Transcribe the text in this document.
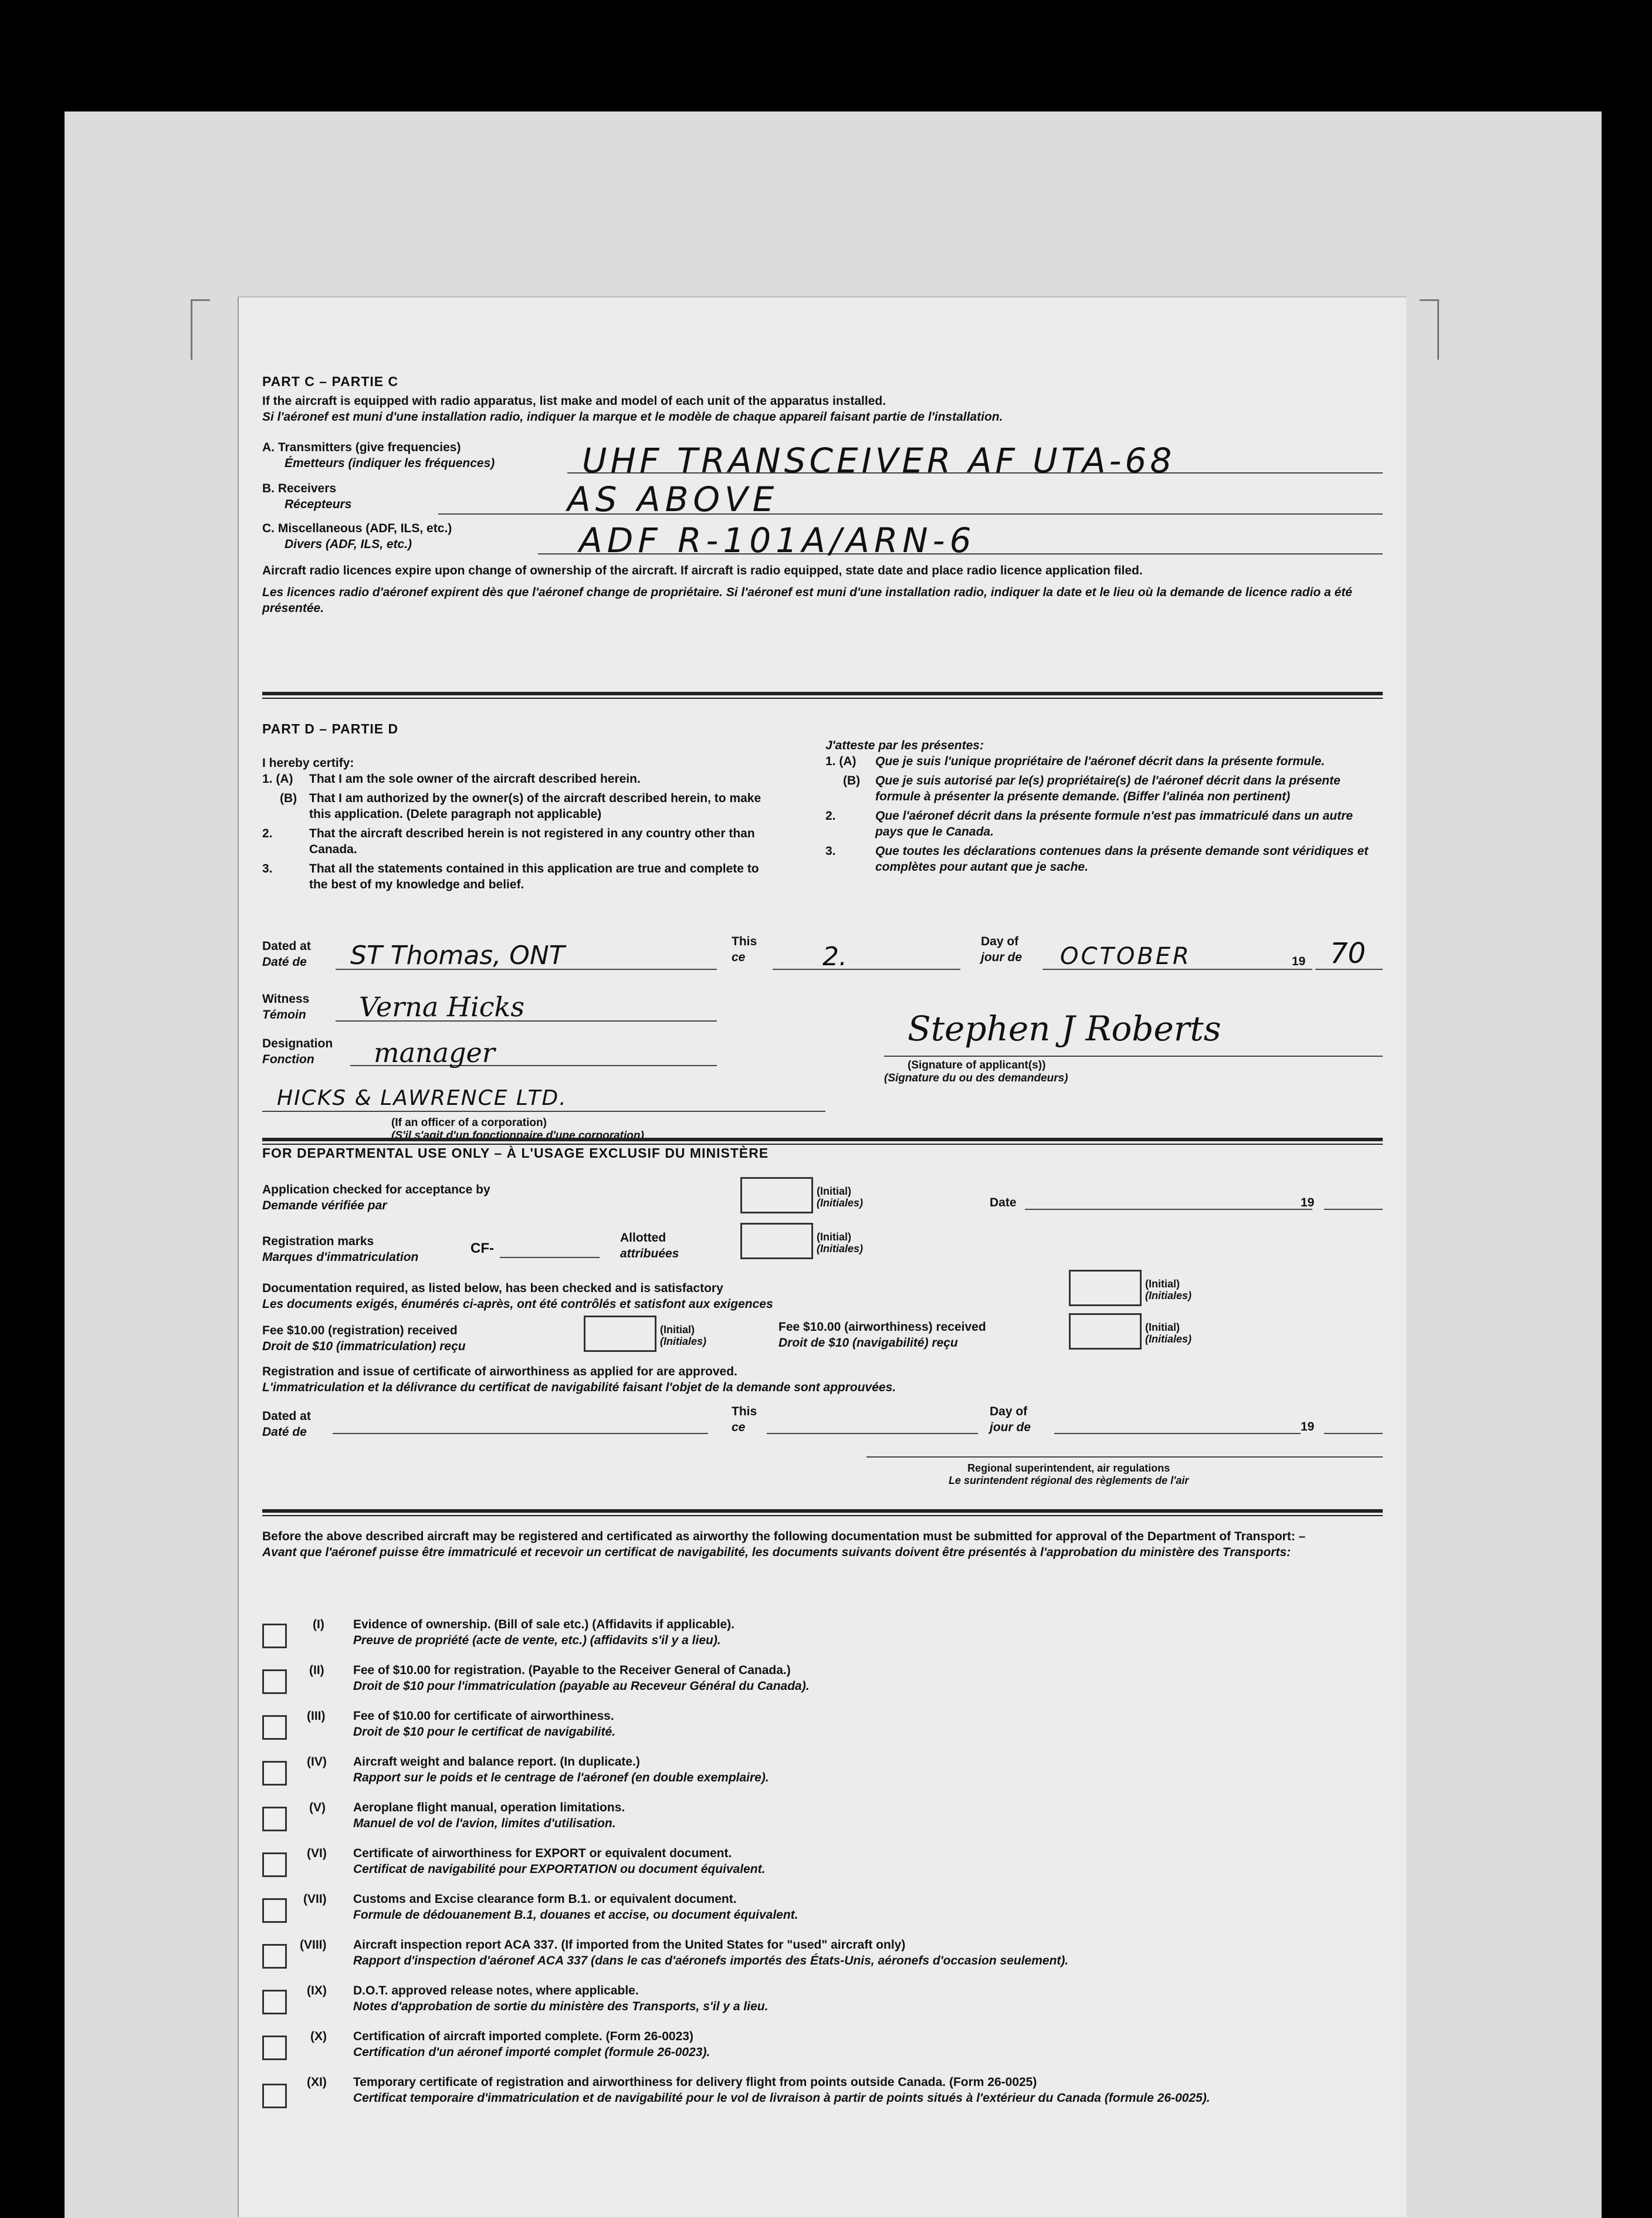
PART C – PARTIE C
If the aircraft is equipped with radio apparatus, list make and model of each unit of the apparatus installed.
Si l'aéronef est muni d'une installation radio, indiquer la marque et le modèle de chaque appareil faisant partie de l'installation.
A. Transmitters (give frequencies)
Émetteurs (indiquer les fréquences)	UHF TRANSCEIVER AF UTA-68
B. Receivers
Récepteurs	AS ABOVE
C. Miscellaneous (ADF, ILS, etc.)
Divers (ADF, ILS, etc.)	ADF R-101A/ARN-6
Aircraft radio licences expire upon change of ownership of the aircraft. If aircraft is radio equipped, state date and place radio licence application filed.
Les licences radio d'aéronef expirent dès que l'aéronef change de propriétaire. Si l'aéronef est muni d'une installation radio, indiquer la date et le lieu où la demande de licence radio a été présentée.
PART D – PARTIE D
I hereby certify:
1. (A)	That I am the sole owner of the aircraft described herein.
(B) That I am authorized by the owner(s) of the aircraft described herein, to make this application. (Delete paragraph not applicable)
2.	That the aircraft described herein is not registered in any country other than Canada.
3.	That all the statements contained in this application are true and complete to the best of my knowledge and belief.
J'atteste par les présentes:
1. (A)	Que je suis l'unique propriétaire de l'aéronef décrit dans la présente formule.
(B)	Que je suis autorisé par le(s) propriétaire(s) de l'aéronef décrit dans la présente formule à présenter la présente demande. (Biffer l'alinéa non pertinent)
2.	Que l'aéronef décrit dans la présente formule n'est pas immatriculé dans un autre pays que le Canada.
3.	Que toutes les déclarations contenues dans la présente demande sont véridiques et complètes pour autant que je sache.
Dated at
Daté de ST Thomas, ONT	This
ce	2.
Day of
jour de OCTOBER	19 70
Witness
Témoin	Verna Hicks
Designation
Fonction	manager
HICKS & LAWRENCE LTD.
(If an officer of a corporation)
(S'il s'agit d'un fonctionnaire d'une corporation)
Stephen J Roberts
(Signature of applicant(s))
(Signature du ou des demandeurs)
FOR DEPARTMENTAL USE ONLY – À L'USAGE EXCLUSIF DU MINISTÈRE
Application checked for acceptance by
Demande vérifiée par
(Initial)
(Initiales)	Date	19
Registration marks
Marques d'immatriculation
CF-
Allotted
attribuées
(Initial)
(Initiales)
Documentation required, as listed below, has been checked and is satisfactory
Les documents exigés, énumérés ci-après, ont été contrôlés et satisfont aux exigences
(Initial)
(Initiales)
Fee $10.00 (registration) received
Droit de $10 (immatriculation) reçu
(Initial)
(Initiales)
Fee $10.00 (airworthiness) received
Droit de $10 (navigabilité) reçu
(Initial)
(Initiales)
Registration and issue of certificate of airworthiness as applied for are approved.
L'immatriculation et la délivrance du certificat de navigabilité faisant l'objet de la demande sont approuvées.
Dated at
Daté de
This
ce
Day of
jour de	19
Regional superintendent, air regulations
Le surintendent régional des règlements de l'air
Before the above described aircraft may be registered and certificated as airworthy the following documentation must be submitted for approval of the Department of Transport: –
Avant que l'aéronef puisse être immatriculé et recevoir un certificat de navigabilité, les documents suivants doivent être présentés à l'approbation du ministère des Transports:
(I) Evidence of ownership. (Bill of sale etc.) (Affidavits if applicable).
Preuve de propriété (acte de vente, etc.) (affidavits s'il y a lieu).
(II) Fee of $10.00 for registration. (Payable to the Receiver General of Canada.)
Droit de $10 pour l'immatriculation (payable au Receveur Général du Canada).
(III) Fee of $10.00 for certificate of airworthiness.
Droit de $10 pour le certificat de navigabilité.
(IV) Aircraft weight and balance report. (In duplicate.)
Rapport sur le poids et le centrage de l'aéronef (en double exemplaire).
(V) Aeroplane flight manual, operation limitations.
Manuel de vol de l'avion, limites d'utilisation.
(VI) Certificate of airworthiness for EXPORT or equivalent document.
Certificat de navigabilité pour EXPORTATION ou document équivalent.
(VII) Customs and Excise clearance form B.1. or equivalent document.
Formule de dédouanement B.1, douanes et accise, ou document équivalent.
(VIII) Aircraft inspection report ACA 337. (If imported from the United States for "used" aircraft only)
Rapport d'inspection d'aéronef ACA 337 (dans le cas d'aéronefs importés des États-Unis, aéronefs d'occasion seulement).
(IX) D.O.T. approved release notes, where applicable.
Notes d'approbation de sortie du ministère des Transports, s'il y a lieu.
(X) Certification of aircraft imported complete. (Form 26-0023)
Certification d'un aéronef importé complet (formule 26-0023).
(XI) Temporary certificate of registration and airworthiness for delivery flight from points outside Canada. (Form 26-0025)
Certificat temporaire d'immatriculation et de navigabilité pour le vol de livraison à partir de points situés à l'extérieur du Canada (formule 26-0025).
